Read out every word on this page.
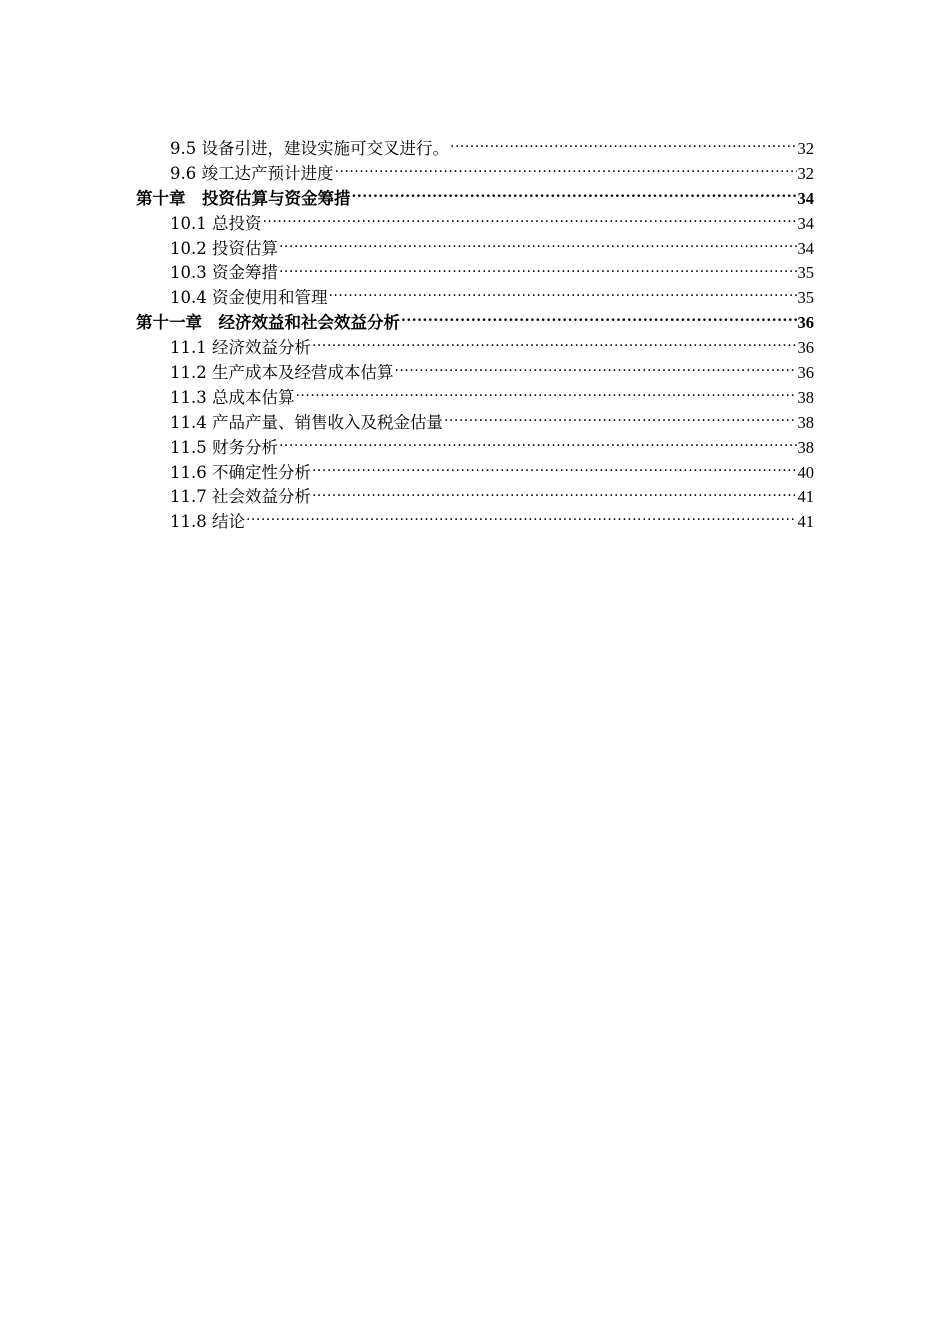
9.5 设备引进，建设实施可交叉进行。 .....	32
9.6 竣工达产预计进度 .....	32
第十章　投资估算与资金筹措 .....	34
10.1 总投资 .....	34
10.2 投资估算 .....	34
10.3 资金筹措 .....	35
10.4 资金使用和管理 .....	35
第十一章　经济效益和社会效益分析 .....	36
11.1 经济效益分析 .....	36
11.2 生产成本及经营成本估算 .....	36
11.3 总成本估算 .....	38
11.4 产品产量、销售收入及税金估量 .....	38
11.5 财务分析 .....	38
11.6 不确定性分析 .....	40
11.7 社会效益分析 .....	41
11.8 结论 .....	41
